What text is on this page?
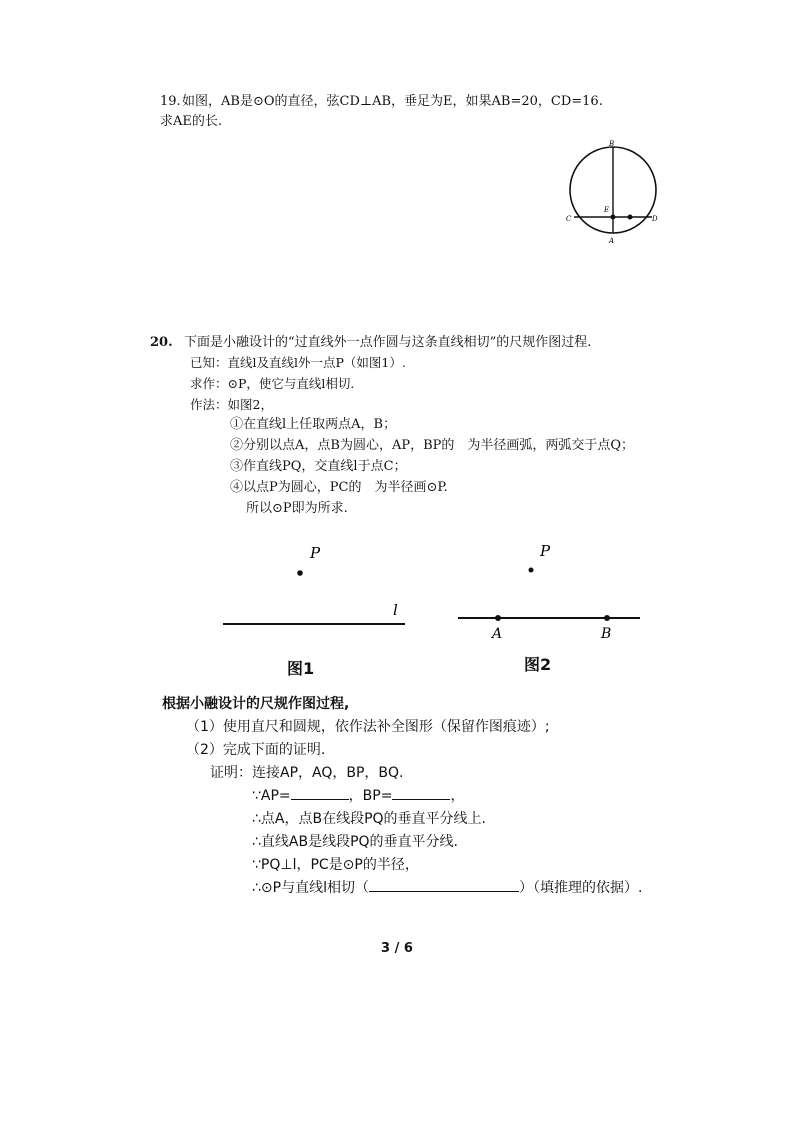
19.如图，AB是⊙O的直径，弦CD⊥AB，垂足为E，如果AB=20，CD=16.
求AE的长.
B
E
C	D
A
20. 下面是小融设计的“过直线外一点作圆与这条直线相切”的尺规作图过程.
已知：直线l及直线l外一点P（如图1）.
求作：⊙P，使它与直线l相切.
作法：如图2，
①在直线l上任取两点A，B；
②分别以点A，点B为圆心，AP，BP的　为半径画弧，两弧交于点Q；
③作直线PQ，交直线l于点C；
④以点P为圆心，PC的　为半径画⊙P.
所以⊙P即为所求.
P
l
图1
P
A	B
图2
根据小融设计的尺规作图过程,
（1）使用直尺和圆规，依作法补全图形（保留作图痕迹）;
（2）完成下面的证明.
证明：连接AP，AQ，BP，BQ.
∵AP=	，BP=	，
∴点A，点B在线段PQ的垂直平分线上.
∴直线AB是线段PQ的垂直平分线.
∵PQ⊥l，PC是⊙P的半径，
∴⊙P与直线l相切（	）（填推理的依据）.
3 / 6
